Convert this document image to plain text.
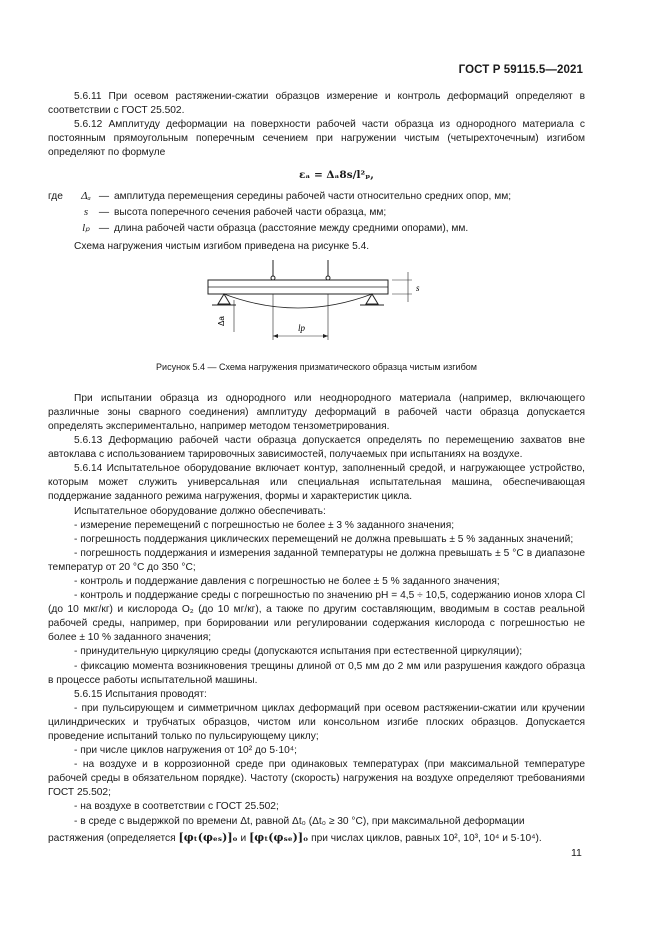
ГОСТ Р 59115.5—2021

5.6.11 При осевом растяжении-сжатии образцов измерение и контроль деформаций определяют в соответствии с ГОСТ 25.502.

5.6.12 Амплитуду деформации на поверхности рабочей части образца из однородного материала с постоянным прямоугольным поперечным сечением при нагружении чистым (четырехточечным) изгибом определяют по формуле

εₐ = Δₐ8s/l²ₚ,
где	Δₐ — амплитуда перемещения середины рабочей части относительно средних опор, мм;
s	— высота поперечного сечения рабочей части образца, мм;
lₚ — длина рабочей части образца (расстояние между средними опорами), мм.

Схема нагружения чистым изгибом приведена на рисунке 5.4.

s
Δа
lp
Рисунок 5.4 — Схема нагружения призматического образца чистым изгибом

При испытании образца из однородного или неоднородного материала (например, включающего различные зоны сварного соединения) амплитуду деформаций в рабочей части образца допускается определять экспериментально, например методом тензометрирования.

5.6.13 Деформацию рабочей части образца допускается определять по перемещению захватов вне автоклава с использованием тарировочных зависимостей, получаемых при испытаниях на воздухе.

5.6.14 Испытательное оборудование включает контур, заполненный средой, и нагружающее устройство, которым может служить универсальная или специальная испытательная машина, обеспечивающая поддержание заданного режима нагружения, формы и характеристик цикла.

Испытательное оборудование должно обеспечивать:

- измерение перемещений с погрешностью не более ± 3 % заданного значения;

- погрешность поддержания циклических перемещений не должна превышать ± 5 % заданных значений;

- погрешность поддержания и измерения заданной температуры не должна превышать ± 5 °С в диапазоне температур от 20 °С до 350 °С;

- контроль и поддержание давления с погрешностью не более ± 5 % заданного значения;

- контроль и поддержание среды с погрешностью по значению pH = 4,5 ÷ 10,5, содержанию ионов хлора Cl (до 10 мкг/кг) и кислорода O₂ (до 10 мг/кг), а также по другим составляющим, вводимым в состав реальной рабочей среды, например, при борировании или регулировании содержания кислорода с погрешностью не более ± 10 % заданного значения;

- принудительную циркуляцию среды (допускаются испытания при естественной циркуляции);

- фиксацию момента возникновения трещины длиной от 0,5 мм до 2 мм или разрушения каждого образца в процессе работы испытательной машины.

5.6.15 Испытания проводят:

- при пульсирующем и симметричном циклах деформаций при осевом растяжении-сжатии или кручении цилиндрических и трубчатых образцов, чистом или консольном изгибе плоских образцов. Допускается проведение испытаний только по пульсирующему циклу;

- при числе циклов нагружения от 10² до 5·10⁴;

- на воздухе и в коррозионной среде при одинаковых температурах (при максимальной температуре рабочей среды в обязательном порядке). Частоту (скорость) нагружения на воздухе определяют требованиями ГОСТ 25.502;

- на воздухе в соответствии с ГОСТ 25.502;

- в среде с выдержкой по времени Δt, равной Δt₀ (Δt₀ ≥ 30 °С), при максимальной деформации

растяжения (определяется [φₜ(φₑₛ)]ₒ и [φₜ(φₛₑ)]ₒ при числах циклов, равных 10², 10³, 10⁴ и 5·10⁴).

11
